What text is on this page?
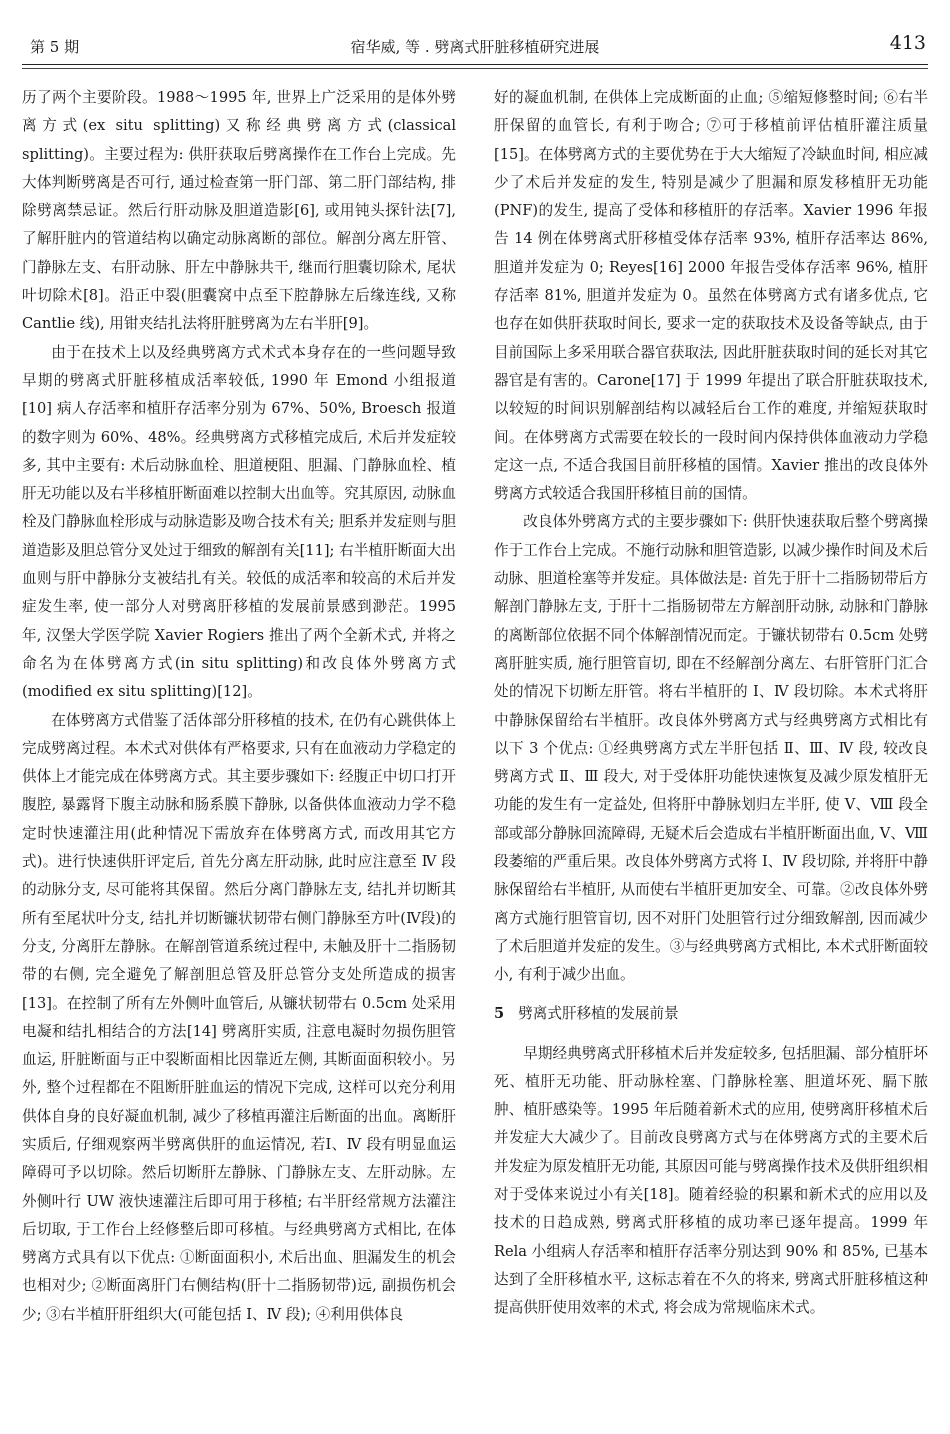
第 5 期	宿华威, 等 . 劈离式肝脏移植研究进展	413

历了两个主要阶段。1988～1995 年, 世界上广泛采用的是体外劈离方式(ex situ splitting)又称经典劈离方式(classical splitting)。主要过程为: 供肝获取后劈离操作在工作台上完成。先大体判断劈离是否可行, 通过检查第一肝门部、第二肝门部结构, 排除劈离禁忌证。然后行肝动脉及胆道造影[6], 或用钝头探针法[7], 了解肝脏内的管道结构以确定动脉离断的部位。解剖分离左肝管、门静脉左支、右肝动脉、肝左中静脉共干, 继而行胆囊切除术, 尾状叶切除术[8]。沿正中裂(胆囊窝中点至下腔静脉左后缘连线, 又称 Cantlie 线), 用钳夹结扎法将肝脏劈离为左右半肝[9]。

由于在技术上以及经典劈离方式术式本身存在的一些问题导致早期的劈离式肝脏移植成活率较低, 1990 年 Emond 小组报道[10] 病人存活率和植肝存活率分别为 67%、50%, Broesch 报道的数字则为 60%、48%。经典劈离方式移植完成后, 术后并发症较多, 其中主要有: 术后动脉血栓、胆道梗阻、胆漏、门静脉血栓、植肝无功能以及右半移植肝断面难以控制大出血等。究其原因, 动脉血栓及门静脉血栓形成与动脉造影及吻合技术有关; 胆系并发症则与胆道造影及胆总管分叉处过于细致的解剖有关[11]; 右半植肝断面大出血则与肝中静脉分支被结扎有关。较低的成活率和较高的术后并发症发生率, 使一部分人对劈离肝移植的发展前景感到渺茫。1995 年, 汉堡大学医学院 Xavier Rogiers 推出了两个全新术式, 并将之命名为在体劈离方式(in situ splitting)和改良体外劈离方式(modified ex situ splitting)[12]。

在体劈离方式借鉴了活体部分肝移植的技术, 在仍有心跳供体上完成劈离过程。本术式对供体有严格要求, 只有在血液动力学稳定的供体上才能完成在体劈离方式。其主要步骤如下: 经腹正中切口打开腹腔, 暴露肾下腹主动脉和肠系膜下静脉, 以备供体血液动力学不稳定时快速灌注用(此种情况下需放弃在体劈离方式, 而改用其它方式)。进行快速供肝评定后, 首先分离左肝动脉, 此时应注意至 Ⅳ 段的动脉分支, 尽可能将其保留。然后分离门静脉左支, 结扎并切断其所有至尾状叶分支, 结扎并切断镰状韧带右侧门静脉至方叶(Ⅳ段)的分支, 分离肝左静脉。在解剖管道系统过程中, 未触及肝十二指肠韧带的右侧, 完全避免了解剖胆总管及肝总管分支处所造成的损害[13]。在控制了所有左外侧叶血管后, 从镰状韧带右 0.5cm 处采用电凝和结扎相结合的方法[14] 劈离肝实质, 注意电凝时勿损伤胆管血运, 肝脏断面与正中裂断面相比因靠近左侧, 其断面面积较小。另外, 整个过程都在不阻断肝脏血运的情况下完成, 这样可以充分利用供体自身的良好凝血机制, 减少了移植再灌注后断面的出血。离断肝实质后, 仔细观察两半劈离供肝的血运情况, 若Ⅰ、Ⅳ 段有明显血运障碍可予以切除。然后切断肝左静脉、门静脉左支、左肝动脉。左外侧叶行 UW 液快速灌注后即可用于移植; 右半肝经常规方法灌注后切取, 于工作台上经修整后即可移植。与经典劈离方式相比, 在体劈离方式具有以下优点: ①断面面积小, 术后出血、胆漏发生的机会也相对少; ②断面离肝门右侧结构(肝十二指肠韧带)远, 副损伤机会少; ③右半植肝肝组织大(可能包括 Ⅰ、Ⅳ 段); ④利用供体良

好的凝血机制, 在供体上完成断面的止血; ⑤缩短修整时间; ⑥右半肝保留的血管长, 有利于吻合; ⑦可于移植前评估植肝灌注质量[15]。在体劈离方式的主要优势在于大大缩短了冷缺血时间, 相应减少了术后并发症的发生, 特别是减少了胆漏和原发移植肝无功能(PNF)的发生, 提高了受体和移植肝的存活率。Xavier 1996 年报告 14 例在体劈离式肝移植受体存活率 93%, 植肝存活率达 86%, 胆道并发症为 0; Reyes[16] 2000 年报告受体存活率 96%, 植肝存活率 81%, 胆道并发症为 0。虽然在体劈离方式有诸多优点, 它也存在如供肝获取时间长, 要求一定的获取技术及设备等缺点, 由于目前国际上多采用联合器官获取法, 因此肝脏获取时间的延长对其它器官是有害的。Carone[17] 于 1999 年提出了联合肝脏获取技术, 以较短的时间识别解剖结构以减轻后台工作的难度, 并缩短获取时间。在体劈离方式需要在较长的一段时间内保持供体血液动力学稳定这一点, 不适合我国目前肝移植的国情。Xavier 推出的改良体外劈离方式较适合我国肝移植目前的国情。

改良体外劈离方式的主要步骤如下: 供肝快速获取后整个劈离操作于工作台上完成。不施行动脉和胆管造影, 以减少操作时间及术后动脉、胆道栓塞等并发症。具体做法是: 首先于肝十二指肠韧带后方解剖门静脉左支, 于肝十二指肠韧带左方解剖肝动脉, 动脉和门静脉的离断部位依据不同个体解剖情况而定。于镰状韧带右 0.5cm 处劈离肝脏实质, 施行胆管盲切, 即在不经解剖分离左、右肝管肝门汇合处的情况下切断左肝管。将右半植肝的 Ⅰ、Ⅳ 段切除。本术式将肝中静脉保留给右半植肝。改良体外劈离方式与经典劈离方式相比有以下 3 个优点: ①经典劈离方式左半肝包括 Ⅱ、Ⅲ、Ⅳ 段, 较改良劈离方式 Ⅱ、Ⅲ 段大, 对于受体肝功能快速恢复及减少原发植肝无功能的发生有一定益处, 但将肝中静脉划归左半肝, 使 Ⅴ、Ⅷ 段全部或部分静脉回流障碍, 无疑术后会造成右半植肝断面出血, Ⅴ、Ⅷ 段萎缩的严重后果。改良体外劈离方式将 Ⅰ、Ⅳ 段切除, 并将肝中静脉保留给右半植肝, 从而使右半植肝更加安全、可靠。②改良体外劈离方式施行胆管盲切, 因不对肝门处胆管行过分细致解剖, 因而减少了术后胆道并发症的发生。③与经典劈离方式相比, 本术式肝断面较小, 有利于减少出血。

5 劈离式肝移植的发展前景

早期经典劈离式肝移植术后并发症较多, 包括胆漏、部分植肝坏死、植肝无功能、肝动脉栓塞、门静脉栓塞、胆道坏死、膈下脓肿、植肝感染等。1995 年后随着新术式的应用, 使劈离肝移植术后并发症大大减少了。目前改良劈离方式与在体劈离方式的主要术后并发症为原发植肝无功能, 其原因可能与劈离操作技术及供肝组织相对于受体来说过小有关[18]。随着经验的积累和新术式的应用以及技术的日趋成熟, 劈离式肝移植的成功率已逐年提高。1999 年 Rela 小组病人存活率和植肝存活率分别达到 90% 和 85%, 已基本达到了全肝移植水平, 这标志着在不久的将来, 劈离式肝脏移植这种提高供肝使用效率的术式, 将会成为常规临床术式。
